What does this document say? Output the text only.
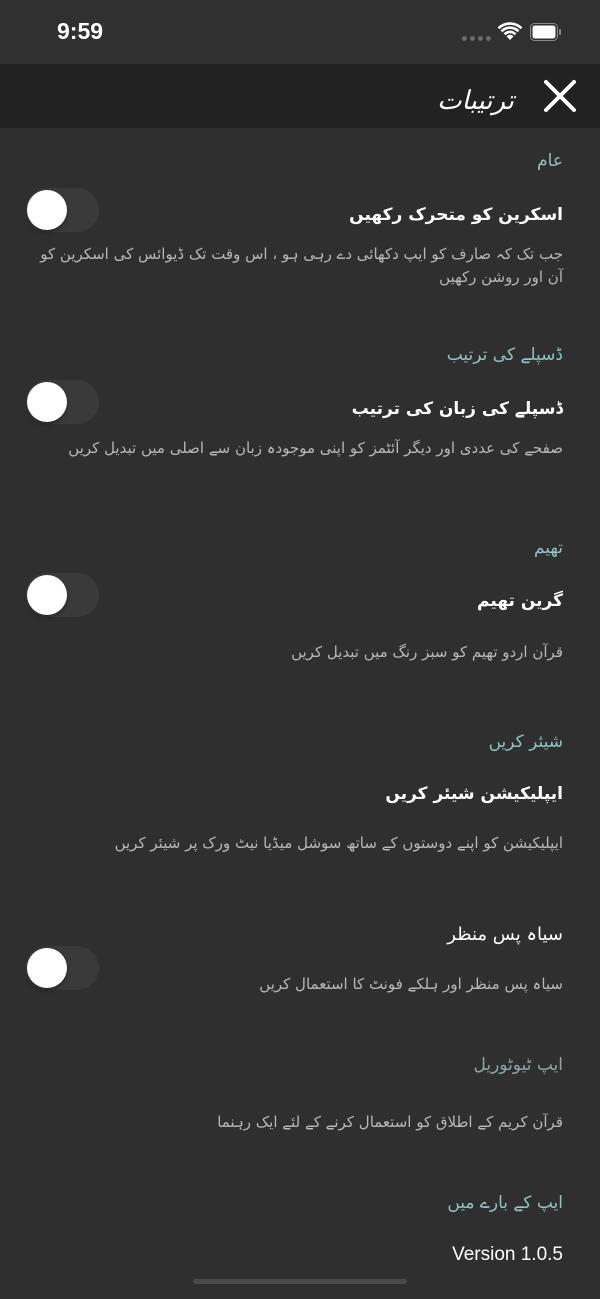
9:59
ترتیبات
عام
اسکرین کو متحرک رکھیں
جب تک کہ صارف کو ایپ دکھائی دے رہی ہو ، اس وقت تک ڈیوائس کی اسکرین کو آن اور روشن رکھیں
ڈسپلے کی ترتیب
ڈسپلے کی زبان کی ترتیب
صفحے کی عددی اور دیگر آئٹمز کو اپنی موجودہ زبان سے اصلی میں تبدیل کریں
تھیم
گرین تھیم
قرآن اردو تھیم کو سبز رنگ میں تبدیل کریں
شیئر کریں
ایپلیکیشن شیئر کریں
ایپلیکیشن کو اپنے دوستوں کے ساتھ سوشل میڈیا نیٹ ورک پر شیئر کریں
سیاہ پس منظر
سیاہ پس منظر اور ہلکے فونٹ کا استعمال کریں
ایپ ٹیوٹوریل
قرآن کریم کے اطلاق کو استعمال کرنے کے لئے ایک رہنما
ایپ کے بارے میں
Version 1.0.5
